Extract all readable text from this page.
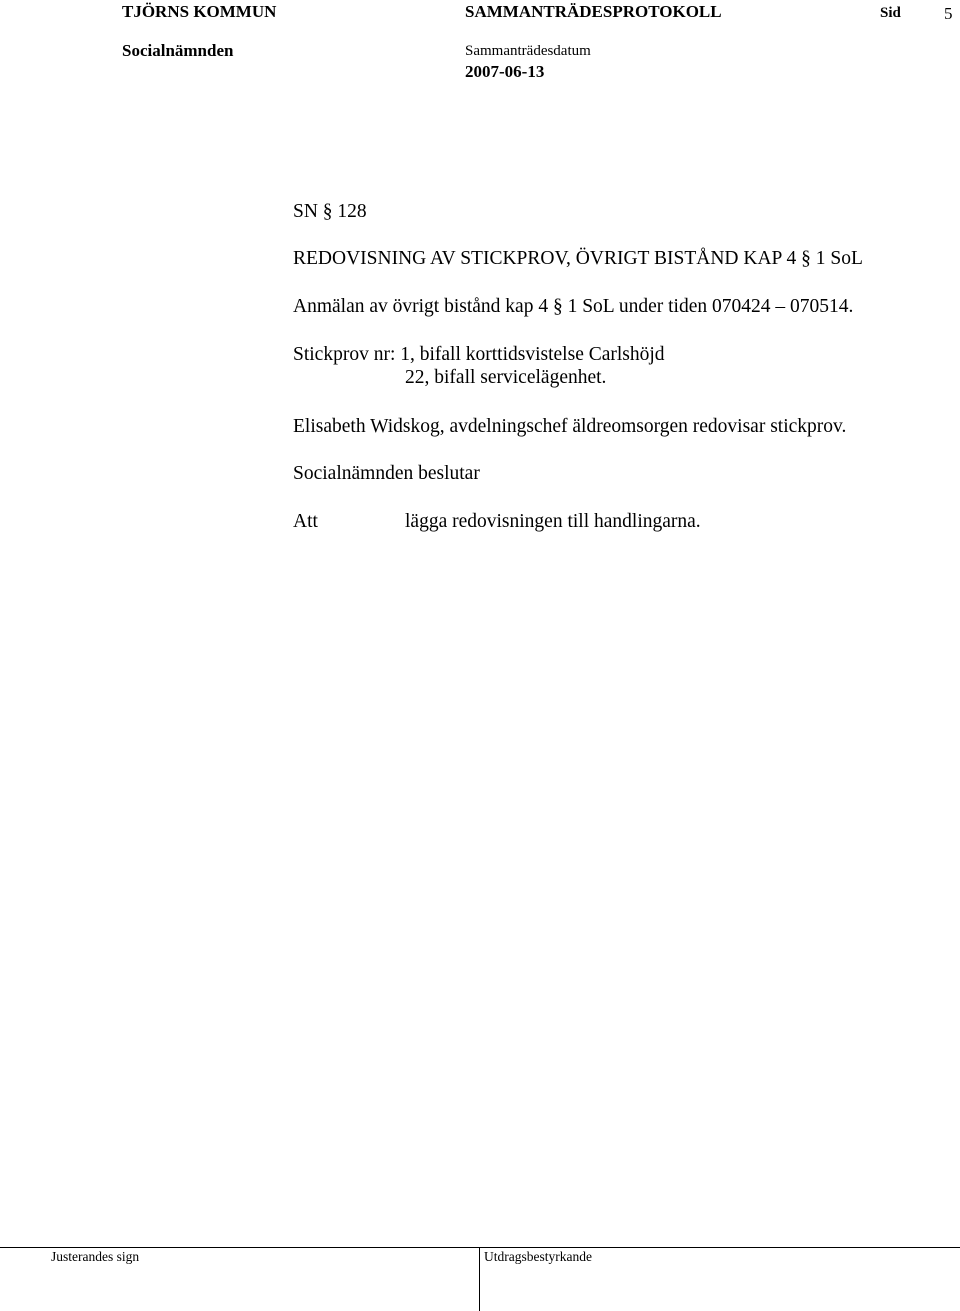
TJÖRNS KOMMUN	SAMMANTRÄDESPROTOKOLL	Sid	5
Socialnämnden	Sammanträdesdatum
2007-06-13
SN § 128
REDOVISNING AV STICKPROV, ÖVRIGT BISTÅND KAP 4 § 1 SoL
Anmälan av övrigt bistånd kap 4 § 1 SoL under tiden 070424 – 070514.
Stickprov nr: 1, bifall korttidsvistelse Carlshöjd
22, bifall servicelägenhet.
Elisabeth Widskog, avdelningschef äldreomsorgen redovisar stickprov.
Socialnämnden beslutar
Att	lägga redovisningen till handlingarna.
Justerandes sign	Utdragsbestyrkande
